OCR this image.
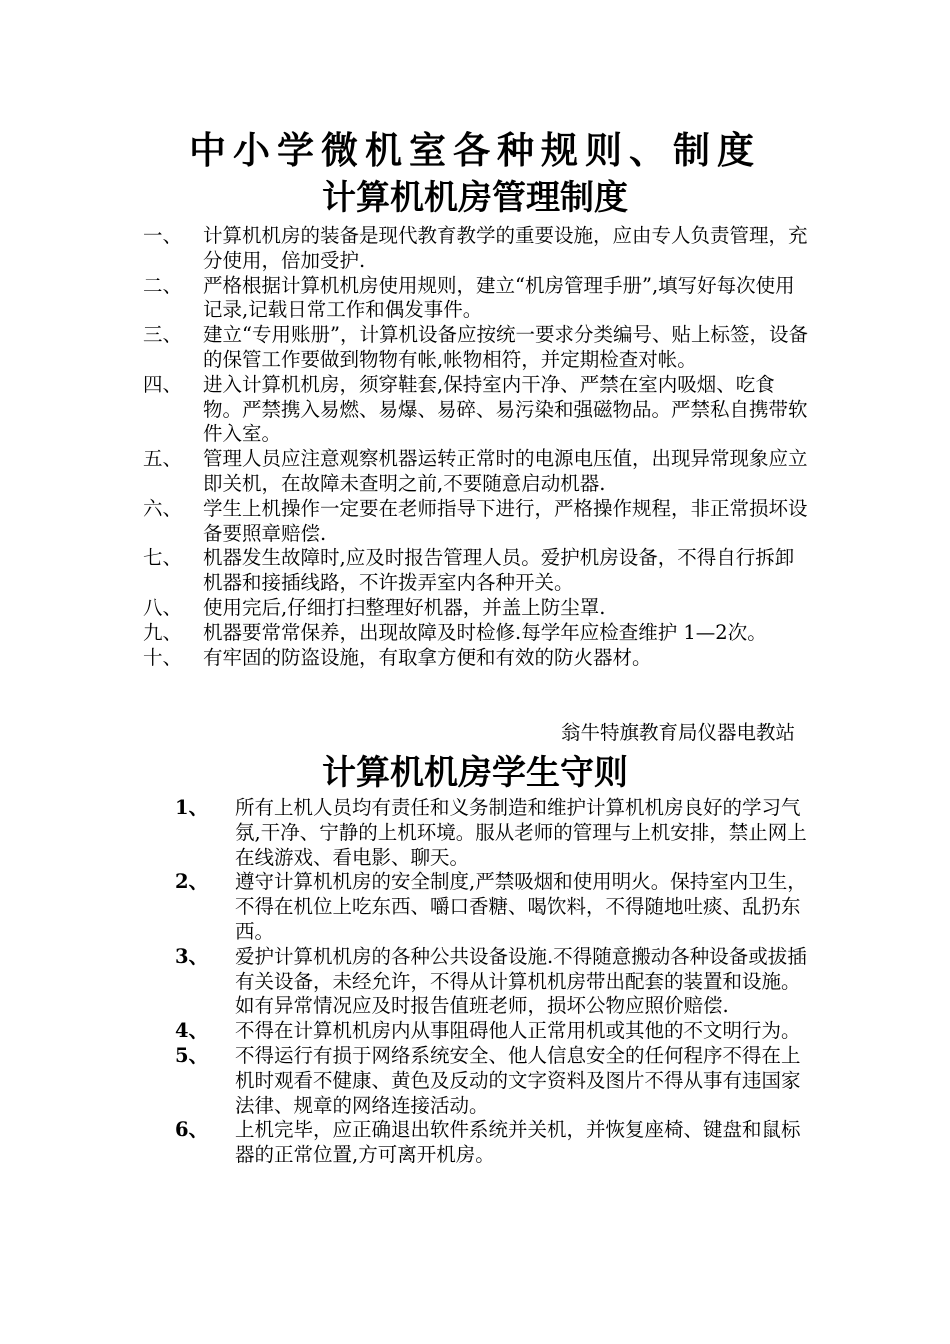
中小学微机室各种规则、制度
计算机机房管理制度
一、	计算机机房的装备是现代教育教学的重要设施，应由专人负责管理，充分使用，倍加受护.
二、	严格根据计算机机房使用规则，建立“机房管理手册”,填写好每次使用记录,记载日常工作和偶发事件。
三、	建立“专用账册”，计算机设备应按统一要求分类编号、贴上标签，设备的保管工作要做到物物有帐,帐物相符，并定期检查对帐。
四、	进入计算机机房，须穿鞋套,保持室内干净、严禁在室内吸烟、吃食物。严禁携入易燃、易爆、易碎、易污染和强磁物品。严禁私自携带软件入室。
五、	管理人员应注意观察机器运转正常时的电源电压值，出现异常现象应立即关机，在故障未查明之前,不要随意启动机器.
六、	学生上机操作一定要在老师指导下进行，严格操作规程，非正常损坏设备要照章赔偿.
七、	机器发生故障时,应及时报告管理人员。爱护机房设备，不得自行拆卸机器和接插线路，不许拨弄室内各种开关。
八、	使用完后,仔细打扫整理好机器，并盖上防尘罩.
九、	机器要常常保养，出现故障及时检修.每学年应检查维护 1—2次。
十、	有牢固的防盗设施，有取拿方便和有效的防火器材。
翁牛特旗教育局仪器电教站
计算机机房学生守则
1、	所有上机人员均有责任和义务制造和维护计算机机房良好的学习气氛,干净、宁静的上机环境。服从老师的管理与上机安排，禁止网上在线游戏、看电影、聊天。
2、	遵守计算机机房的安全制度,严禁吸烟和使用明火。保持室内卫生，不得在机位上吃东西、嚼口香糖、喝饮料，不得随地吐痰、乱扔东西。
3、	爱护计算机机房的各种公共设备设施.不得随意搬动各种设备或拔插有关设备，未经允许，不得从计算机机房带出配套的装置和设施。如有异常情况应及时报告值班老师，损坏公物应照价赔偿.
4、	不得在计算机机房内从事阻碍他人正常用机或其他的不文明行为。
5、	不得运行有损于网络系统安全、他人信息安全的任何程序不得在上机时观看不健康、黄色及反动的文字资料及图片不得从事有违国家法律、规章的网络连接活动。
6、	上机完毕，应正确退出软件系统并关机，并恢复座椅、键盘和鼠标器的正常位置,方可离开机房。
